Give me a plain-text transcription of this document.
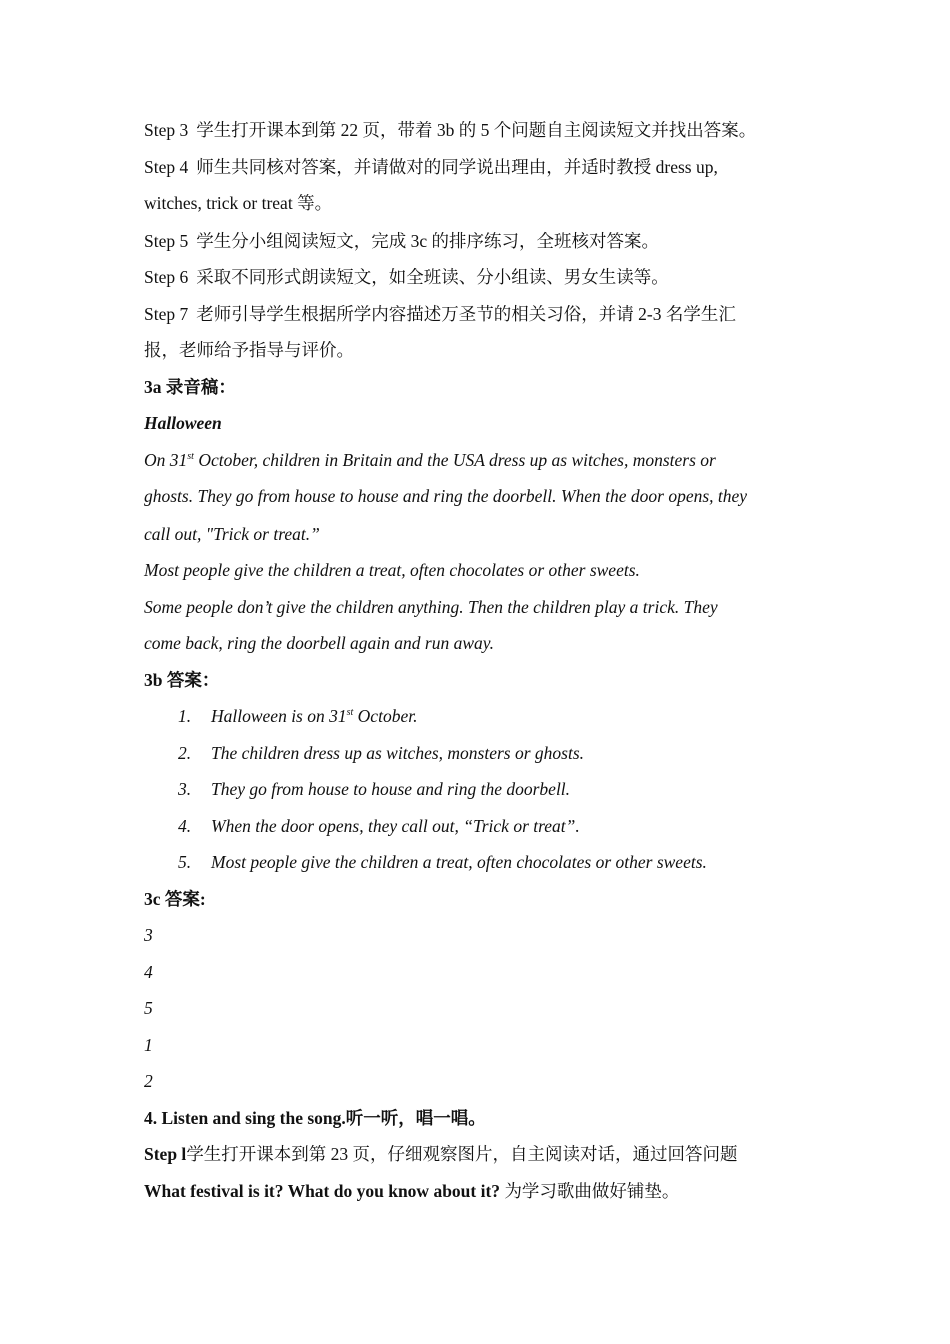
Step 3 学生打开课本到第 22 页，带着 3b 的 5 个问题自主阅读短文并找出答案。
Step 4 师生共同核对答案，并请做对的同学说出理由，并适时教授 dress up,
witches, trick or treat 等。
Step 5 学生分小组阅读短文，完成 3c 的排序练习，全班核对答案。
Step 6 采取不同形式朗读短文，如全班读、分小组读、男女生读等。
Step 7 老师引导学生根据所学内容描述万圣节的相关习俗，并请 2-3 名学生汇
报，老师给予指导与评价。
3a 录音稿：
Halloween
On 31st October, children in Britain and the USA dress up as witches, monsters or
ghosts. They go from house to house and ring the doorbell. When the door opens, they
call out, "Trick or treat.”
Most people give the children a treat, often chocolates or other sweets.
Some people don’t give the children anything. Then the children play a trick. They
come back, ring the doorbell again and run away.
3b 答案：
1. Halloween is on 31st October.
2. The children dress up as witches, monsters or ghosts.
3. They go from house to house and ring the doorbell.
4. When the door opens, they call out, “Trick or treat”.
5. Most people give the children a treat, often chocolates or other sweets.
3c 答案:
3
4
5
1
2
4. Listen and sing the song.听一听，唱一唱。
Step l学生打开课本到第 23 页，仔细观察图片，自主阅读对话，通过回答问题
What festival is it? What do you know about it? 为学习歌曲做好铺垫。
